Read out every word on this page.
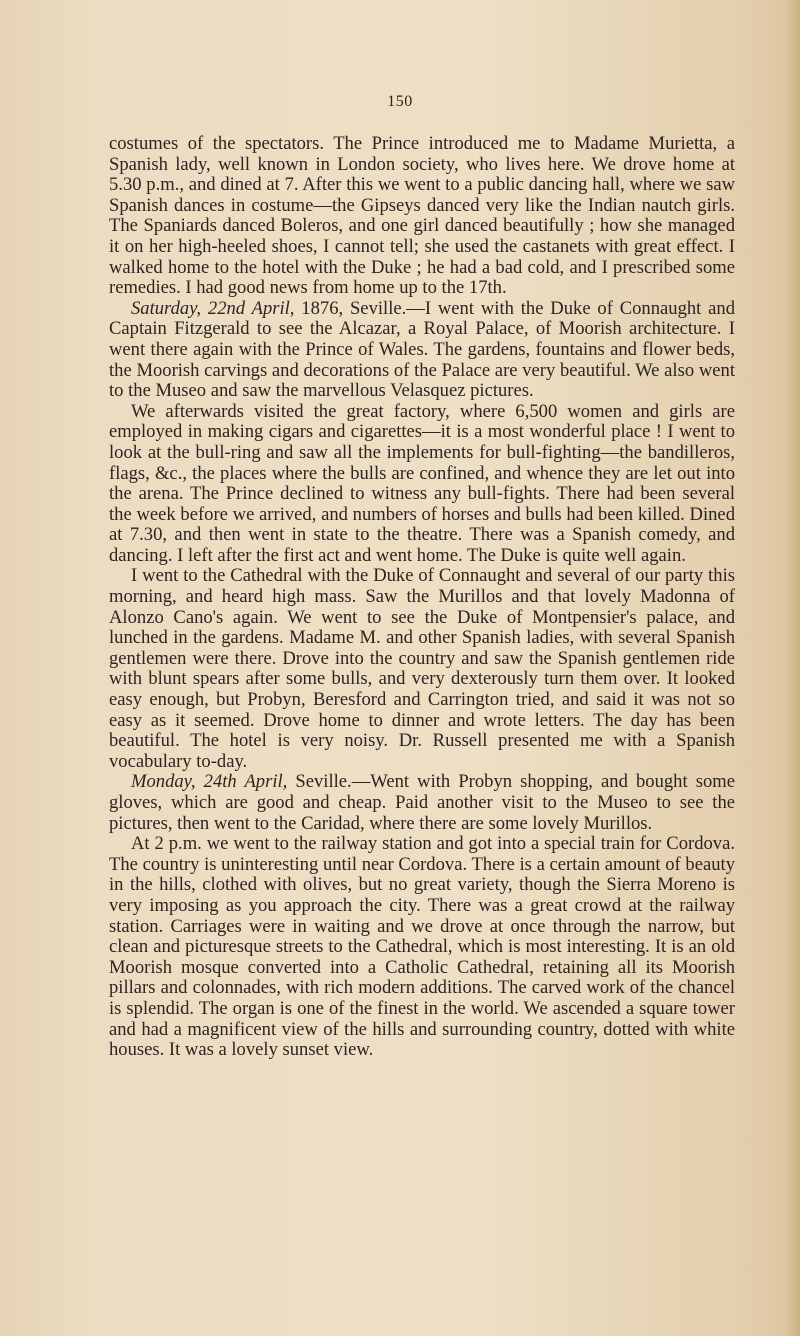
150

costumes of the spectators. The Prince introduced me to Madame Murietta, a Spanish lady, well known in London society, who lives here. We drove home at 5.30 p.m., and dined at 7. After this we went to a public dancing hall, where we saw Spanish dances in costume—the Gipseys danced very like the Indian nautch girls. The Spaniards danced Boleros, and one girl danced beautifully ; how she managed it on her high-heeled shoes, I cannot tell; she used the castanets with great effect. I walked home to the hotel with the Duke ; he had a bad cold, and I prescribed some remedies. I had good news from home up to the 17th.

Saturday, 22nd April, 1876, Seville.—I went with the Duke of Connaught and Captain Fitzgerald to see the Alcazar, a Royal Palace, of Moorish architecture. I went there again with the Prince of Wales. The gardens, fountains and flower beds, the Moorish carvings and decorations of the Palace are very beautiful. We also went to the Museo and saw the marvellous Velasquez pictures.

We afterwards visited the great factory, where 6,500 women and girls are employed in making cigars and cigarettes—it is a most wonderful place ! I went to look at the bull-ring and saw all the implements for bull-fighting—the bandilleros, flags, &c., the places where the bulls are confined, and whence they are let out into the arena. The Prince declined to witness any bull-fights. There had been several the week before we arrived, and numbers of horses and bulls had been killed. Dined at 7.30, and then went in state to the theatre. There was a Spanish comedy, and dancing. I left after the first act and went home. The Duke is quite well again.

I went to the Cathedral with the Duke of Connaught and several of our party this morning, and heard high mass. Saw the Murillos and that lovely Madonna of Alonzo Cano's again. We went to see the Duke of Montpensier's palace, and lunched in the gardens. Madame M. and other Spanish ladies, with several Spanish gentlemen were there. Drove into the country and saw the Spanish gentlemen ride with blunt spears after some bulls, and very dexterously turn them over. It looked easy enough, but Probyn, Beresford and Carrington tried, and said it was not so easy as it seemed. Drove home to dinner and wrote letters. The day has been beautiful. The hotel is very noisy. Dr. Russell presented me with a Spanish vocabulary to-day.

Monday, 24th April, Seville.—Went with Probyn shopping, and bought some gloves, which are good and cheap. Paid another visit to the Museo to see the pictures, then went to the Caridad, where there are some lovely Murillos.

At 2 p.m. we went to the railway station and got into a special train for Cordova. The country is uninteresting until near Cordova. There is a certain amount of beauty in the hills, clothed with olives, but no great variety, though the Sierra Moreno is very imposing as you approach the city. There was a great crowd at the railway station. Carriages were in waiting and we drove at once through the narrow, but clean and picturesque streets to the Cathedral, which is most interesting. It is an old Moorish mosque converted into a Catholic Cathedral, retaining all its Moorish pillars and colonnades, with rich modern additions. The carved work of the chancel is splendid. The organ is one of the finest in the world. We ascended a square tower and had a magnificent view of the hills and surrounding country, dotted with white houses. It was a lovely sunset view.
